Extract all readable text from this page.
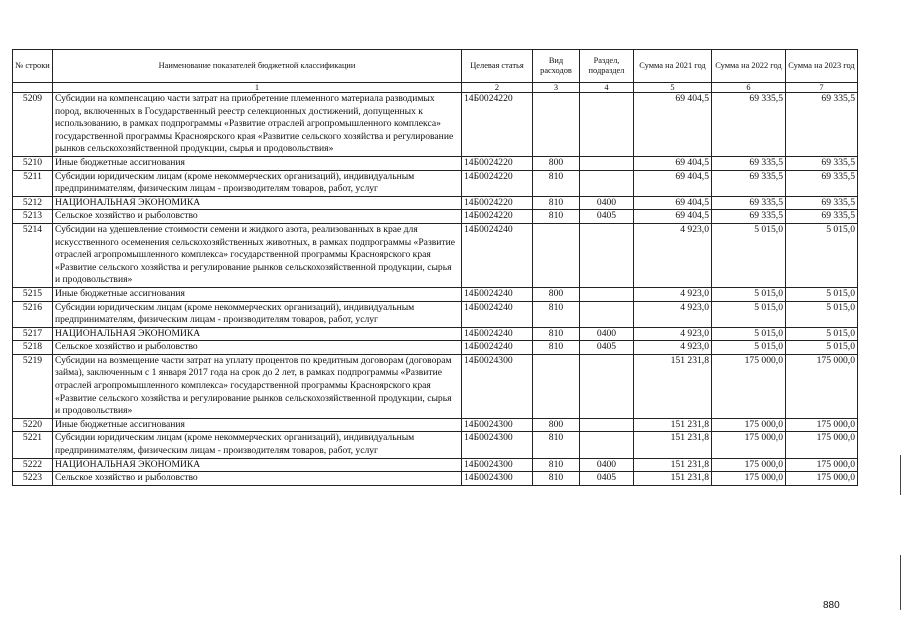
№ строки	Наименование показателей бюджетной классификации	Целевая статья	Вид расходов	Раздел, подраздел	Сумма на 2021 год	Сумма на 2022 год	Сумма на 2023 год
	1	2	3	4	5	6	7
5209	Субсидии на компенсацию части затрат на приобретение племенного материала разводимых пород, включенных в Государственный реестр селекционных достижений, допущенных к использованию, в рамках подпрограммы «Развитие отраслей агропромышленного комплекса» государственной программы Красноярского края «Развитие сельского хозяйства и регулирование рынков сельскохозяйственной продукции, сырья и продовольствия»	14Б0024220			69 404,5	69 335,5	69 335,5
5210	Иные бюджетные ассигнования	14Б0024220	800		69 404,5	69 335,5	69 335,5
5211	Субсидии юридическим лицам (кроме некоммерческих организаций), индивидуальным предпринимателям, физическим лицам - производителям товаров, работ, услуг	14Б0024220	810		69 404,5	69 335,5	69 335,5
5212	НАЦИОНАЛЬНАЯ ЭКОНОМИКА	14Б0024220	810	0400	69 404,5	69 335,5	69 335,5
5213	Сельское хозяйство и рыболовство	14Б0024220	810	0405	69 404,5	69 335,5	69 335,5
5214	Субсидии на удешевление стоимости семени и жидкого азота, реализованных в крае для искусственного осеменения сельскохозяйственных животных, в рамках подпрограммы «Развитие отраслей агропромышленного комплекса» государственной программы Красноярского края «Развитие сельского хозяйства и регулирование рынков сельскохозяйственной продукции, сырья и продовольствия»	14Б0024240			4 923,0	5 015,0	5 015,0
5215	Иные бюджетные ассигнования	14Б0024240	800		4 923,0	5 015,0	5 015,0
5216	Субсидии юридическим лицам (кроме некоммерческих организаций), индивидуальным предпринимателям, физическим лицам - производителям товаров, работ, услуг	14Б0024240	810		4 923,0	5 015,0	5 015,0
5217	НАЦИОНАЛЬНАЯ ЭКОНОМИКА	14Б0024240	810	0400	4 923,0	5 015,0	5 015,0
5218	Сельское хозяйство и рыболовство	14Б0024240	810	0405	4 923,0	5 015,0	5 015,0
5219	Субсидии на возмещение части затрат на уплату процентов по кредитным договорам (договорам займа), заключенным с 1 января 2017 года на срок до 2 лет, в рамках подпрограммы «Развитие отраслей агропромышленного комплекса» государственной программы Красноярского края «Развитие сельского хозяйства и регулирование рынков сельскохозяйственной продукции, сырья и продовольствия»	14Б0024300			151 231,8	175 000,0	175 000,0
5220	Иные бюджетные ассигнования	14Б0024300	800		151 231,8	175 000,0	175 000,0
5221	Субсидии юридическим лицам (кроме некоммерческих организаций), индивидуальным предпринимателям, физическим лицам - производителям товаров, работ, услуг	14Б0024300	810		151 231,8	175 000,0	175 000,0
5222	НАЦИОНАЛЬНАЯ ЭКОНОМИКА	14Б0024300	810	0400	151 231,8	175 000,0	175 000,0
5223	Сельское хозяйство и рыболовство	14Б0024300	810	0405	151 231,8	175 000,0	175 000,0
880
